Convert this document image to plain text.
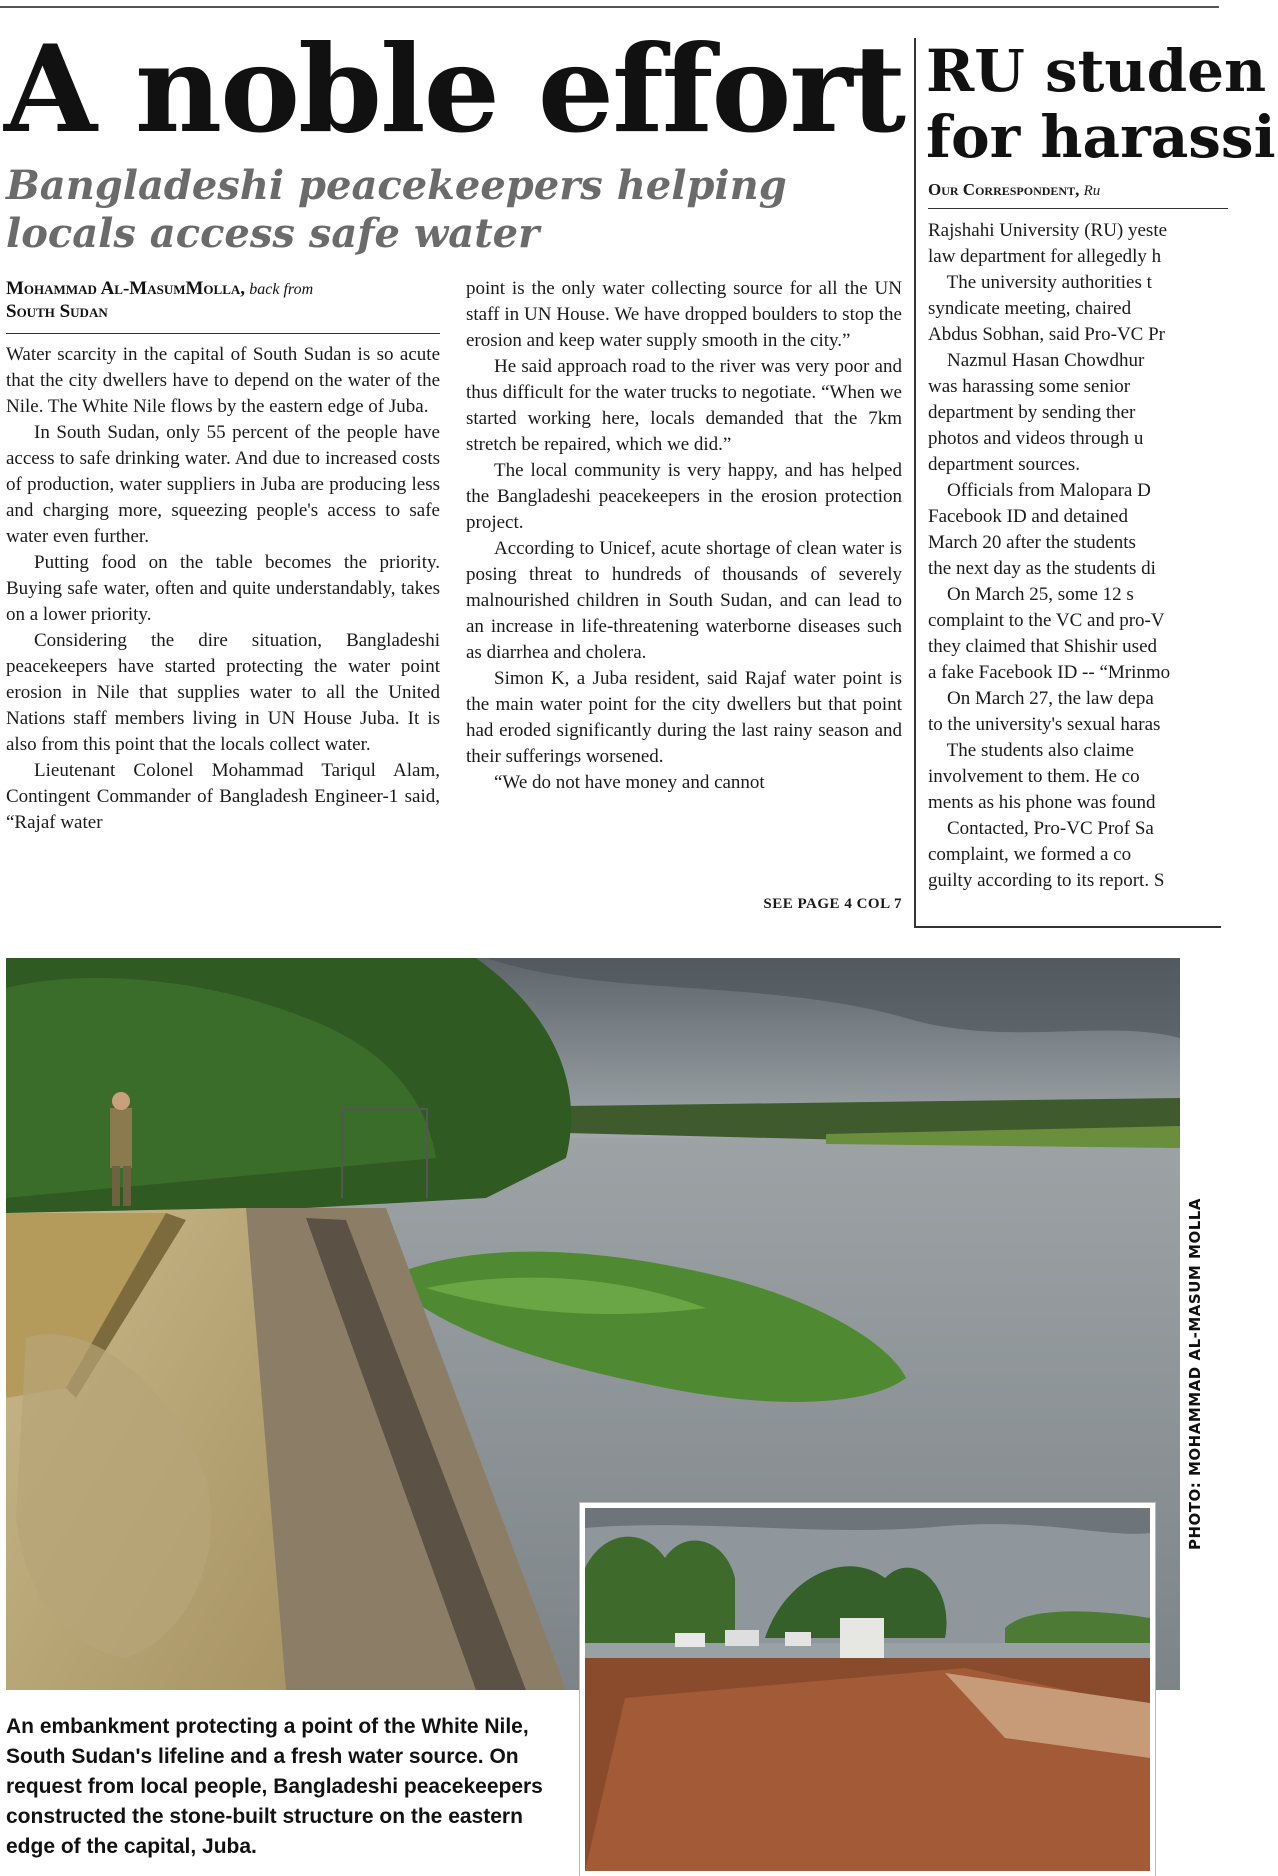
A noble effort
Bangladeshi peacekeepers helping locals access safe water
Mohammad Al-MasumMolla, back from
South Sudan

Water scarcity in the capital of South Sudan is so acute that the city dwellers have to depend on the water of the Nile. The White Nile flows by the eastern edge of Juba.

In South Sudan, only 55 percent of the people have access to safe drinking water. And due to increased costs of production, water suppliers in Juba are producing less and charging more, squeezing people's access to safe water even further.

Putting food on the table becomes the priority. Buying safe water, often and quite understandably, takes on a lower priority.

Considering the dire situation, Bangladeshi peacekeepers have started protecting the water point erosion in Nile that supplies water to all the United Nations staff members living in UN House Juba. It is also from this point that the locals collect water.

Lieutenant Colonel Mohammad Tariqul Alam, Contingent Commander of Bangladesh Engineer-1 said, “Rajaf water

point is the only water collecting source for all the UN staff in UN House. We have dropped boulders to stop the erosion and keep water supply smooth in the city.”

He said approach road to the river was very poor and thus difficult for the water trucks to negotiate. “When we started working here, locals demanded that the 7km stretch be repaired, which we did.”

The local community is very happy, and has helped the Bangladeshi peacekeepers in the erosion protection project.

According to Unicef, acute shortage of clean water is posing threat to hundreds of thousands of severely malnourished children in South Sudan, and can lead to an increase in life-threatening waterborne diseases such as diarrhea and cholera.

Simon K, a Juba resident, said Rajaf water point is the main water point for the city dwellers but that point had eroded significantly during the last rainy season and their sufferings worsened.

“We do not have money and cannot

SEE PAGE 4 COL 7
RU studen
for harassi
Our Correspondent, Ru
Rajshahi University (RU) yeste
law department for allegedly h
The university authorities t
syndicate meeting, chaired
Abdus Sobhan, said Pro-VC Pr
Nazmul Hasan Chowdhur
was harassing some senior
department by sending ther
photos and videos through u
department sources.
Officials from Malopara D
Facebook ID and detained
March 20 after the students
the next day as the students di
On March 25, some 12 s
complaint to the VC and pro-V
they claimed that Shishir used
a fake Facebook ID -- “Mrinmo
On March 27, the law depa
to the university's sexual haras
The students also claime
involvement to them. He co
ments as his phone was found
Contacted, Pro-VC Prof Sa
complaint, we formed a co
guilty according to its report. S
PHOTO: MOHAMMAD AL-MASUM MOLLA

An embankment protecting a point of the White Nile, South Sudan's lifeline and a fresh water source. On request from local people, Bangladeshi peacekeepers constructed the stone-built structure on the eastern edge of the capital, Juba.
